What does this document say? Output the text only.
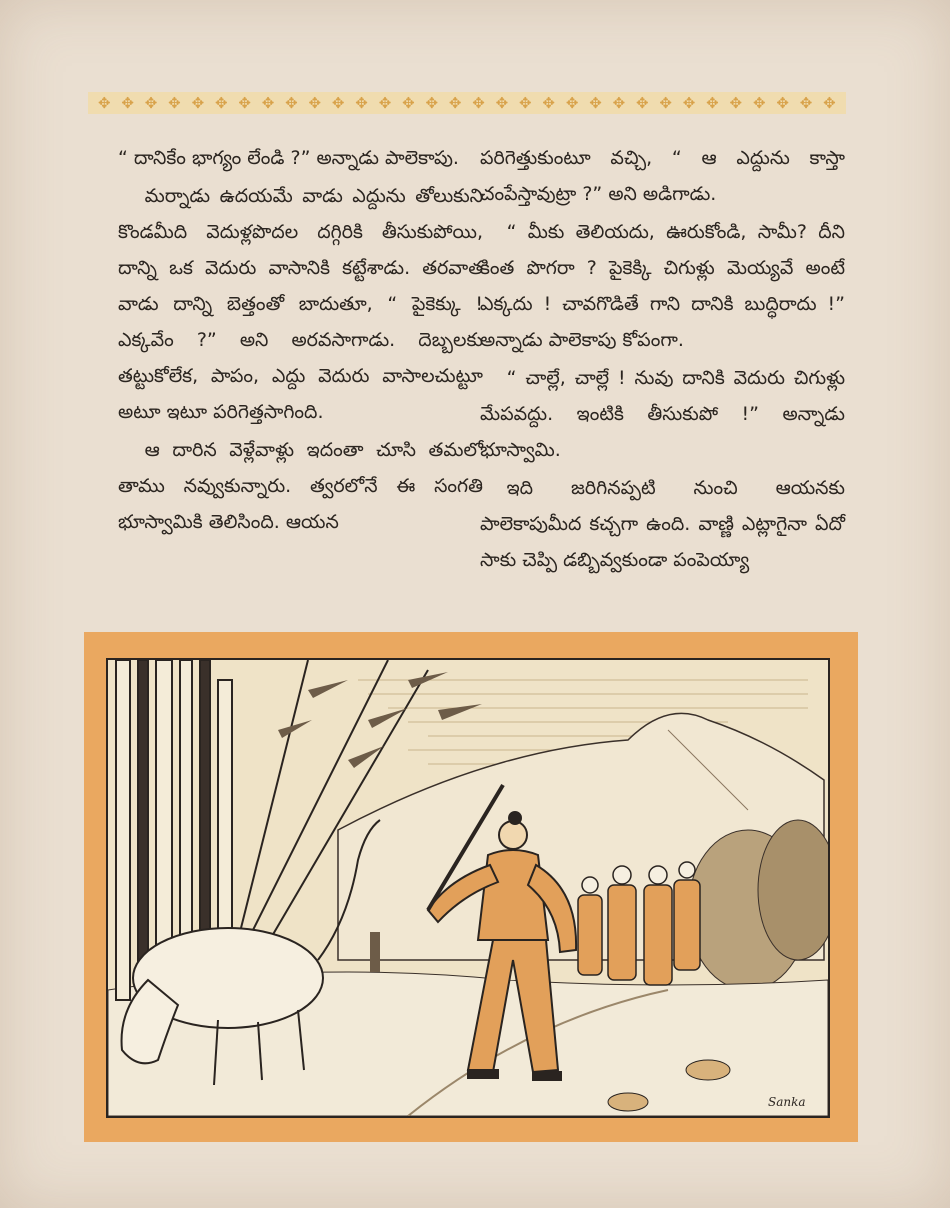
✥ ✥ ✥ ✥ ✥ ✥ ✥ ✥ ✥ ✥ ✥ ✥ ✥ ✥ ✥ ✥ ✥ ✥ ✥ ✥ ✥ ✥ ✥ ✥ ✥ ✥ ✥ ✥ ✥ ✥ ✥ ✥

“ దానికేం భాగ్యం లేండి ?” అన్నాడు పాలెకాపు.

మర్నాడు ఉదయమే వాడు ఎద్దును తోలుకుని కొండమీది వెదుళ్లపొదల దగ్గిరికి తీసుకుపోయి, దాన్ని ఒక వెదురు వాసానికి కట్టేశాడు. తరవాత వాడు దాన్ని బెత్తంతో బాదుతూ, “ పైకెక్కు ! ఎక్కవేం ?” అని అరవసాగాడు. దెబ్బలకు తట్టుకోలేక, పాపం, ఎద్దు వెదురు వాసాలచుట్టూ అటూ ఇటూ పరిగెత్తసాగింది.

ఆ దారిన వెళ్లేవాళ్లు ఇదంతా చూసి తమలో తాము నవ్వుకున్నారు. త్వరలోనే ఈ సంగతి భూస్వామికి తెలిసింది. ఆయన

పరిగెత్తుకుంటూ వచ్చి, “ ఆ ఎద్దును కాస్తా చంపేస్తావుట్రా ?” అని అడిగాడు.

“ మీకు తెలియదు, ఊరుకోండి, సామీ? దీని కింత పొగరా ? పైకెక్కి చిగుళ్లు మెయ్యవే అంటే ఎక్కదు ! చావగొడితే గాని దానికి బుద్ధిరాదు !” అన్నాడు పాలెకాపు కోపంగా.

“ చాల్లే, చాల్లే ! నువు దానికి వెదురు చిగుళ్లు మేపవద్దు. ఇంటికి తీసుకుపో !” అన్నాడు భూస్వామి.

ఇది జరిగినప్పటి నుంచి ఆయనకు పాలెకాపుమీద కచ్చగా ఉంది. వాణ్ణి ఎట్లాగైనా ఏదో సాకు చెప్పి డబ్బివ్వకుండా పంపెయ్యా

Sanka
